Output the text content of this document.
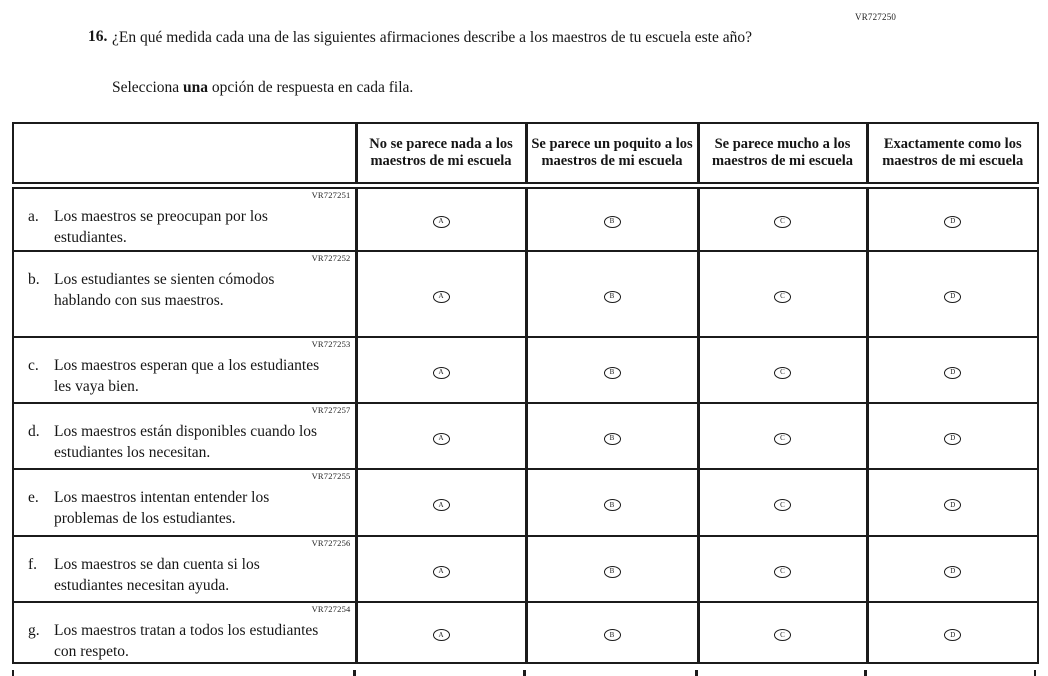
VR727250
16. ¿En qué medida cada una de las siguientes afirmaciones describe a los maestros de tu escuela este año?
Selecciona una opción de respuesta en cada fila.
	No se parece nada a los maestros de mi escuela	Se parece un poquito a los maestros de mi escuela	Se parece mucho a los maestros de mi escuela	Exactamente como los maestros de mi escuela

VR727251
a. Los maestros se preocupan por los estudiantes.	A	B	C	D

VR727252
b. Los estudiantes se sienten cómodos hablando con sus maestros.	A	B	C	D

VR727253
c. Los maestros esperan que a los estudiantes les vaya bien.	A	B	C	D

VR727257
d. Los maestros están disponibles cuando los estudiantes los necesitan.	A	B	C	D

VR727255
e. Los maestros intentan entender los problemas de los estudiantes.	A	B	C	D

VR727256
f. Los maestros se dan cuenta si los estudiantes necesitan ayuda.	A	B	C	D

VR727254
g. Los maestros tratan a todos los estudiantes con respeto.	A	B	C	D
